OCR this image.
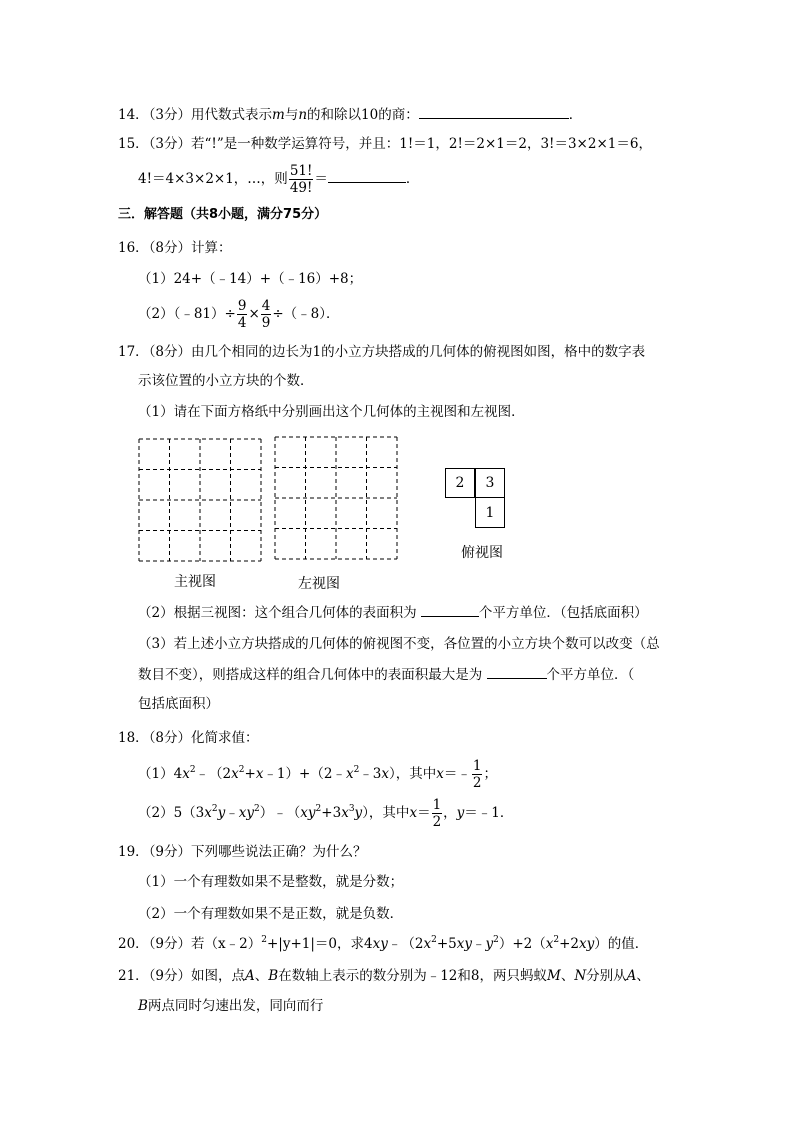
14．（3分）用代数式表示m与n的和除以10的商：	．
15．（3分）若“!”是一种数学运算符号，并且：1!＝1，2!＝2×1＝2，3!＝3×2×1＝6，
4!＝4×3×2×1，…，则 $\frac{51!}{49!}$ ＝	．
三．解答题（共8小题，满分75分）
16．（8分）计算：
（1）24+（﹣14）+（﹣16）+8；
（2）（﹣81）÷ $\frac{9}{4} \times \frac{4}{9}$ ÷（﹣8）．
17．（8分）由几个相同的边长为1的小立方块搭成的几何体的俯视图如图，格中的数字表
示该位置的小立方块的个数．
（1）请在下面方格纸中分别画出这个几何体的主视图和左视图．
主视图	左视图
2	3
1
俯视图
（2）根据三视图：这个组合几何体的表面积为	个平方单位．（包括底面积）
（3）若上述小立方块搭成的几何体的俯视图不变，各位置的小立方块个数可以改变（总
数目不变），则搭成这样的组合几何体中的表面积最大是为	个平方单位．（
包括底面积）
18．（8分）化简求值：
$(1)4x^2﹣(2x^2+x﹣1)+(2﹣x^2﹣3x)$，其中x＝﹣ $\frac{1}{2}$ ；
$(2)5(3x^2y﹣xy^2)﹣(xy^2+3x^3y)$，其中$x= \frac{1}{2}$ ，y＝﹣1．
19．（9分）下列哪些说法正确？为什么？
（1）一个有理数如果不是整数，就是分数；
（2）一个有理数如果不是正数，就是负数．
20．（9分）若（x﹣2）$^2$+|y+1|＝0，求$4xy﹣(2x^2+5xy﹣y^2)+2(x^2+2xy)$的值．
21．（9分）如图，点A、B在数轴上表示的数分别为﹣12和8，两只蚂蚁M、N分别从A、
B两点同时匀速出发，同向而行
